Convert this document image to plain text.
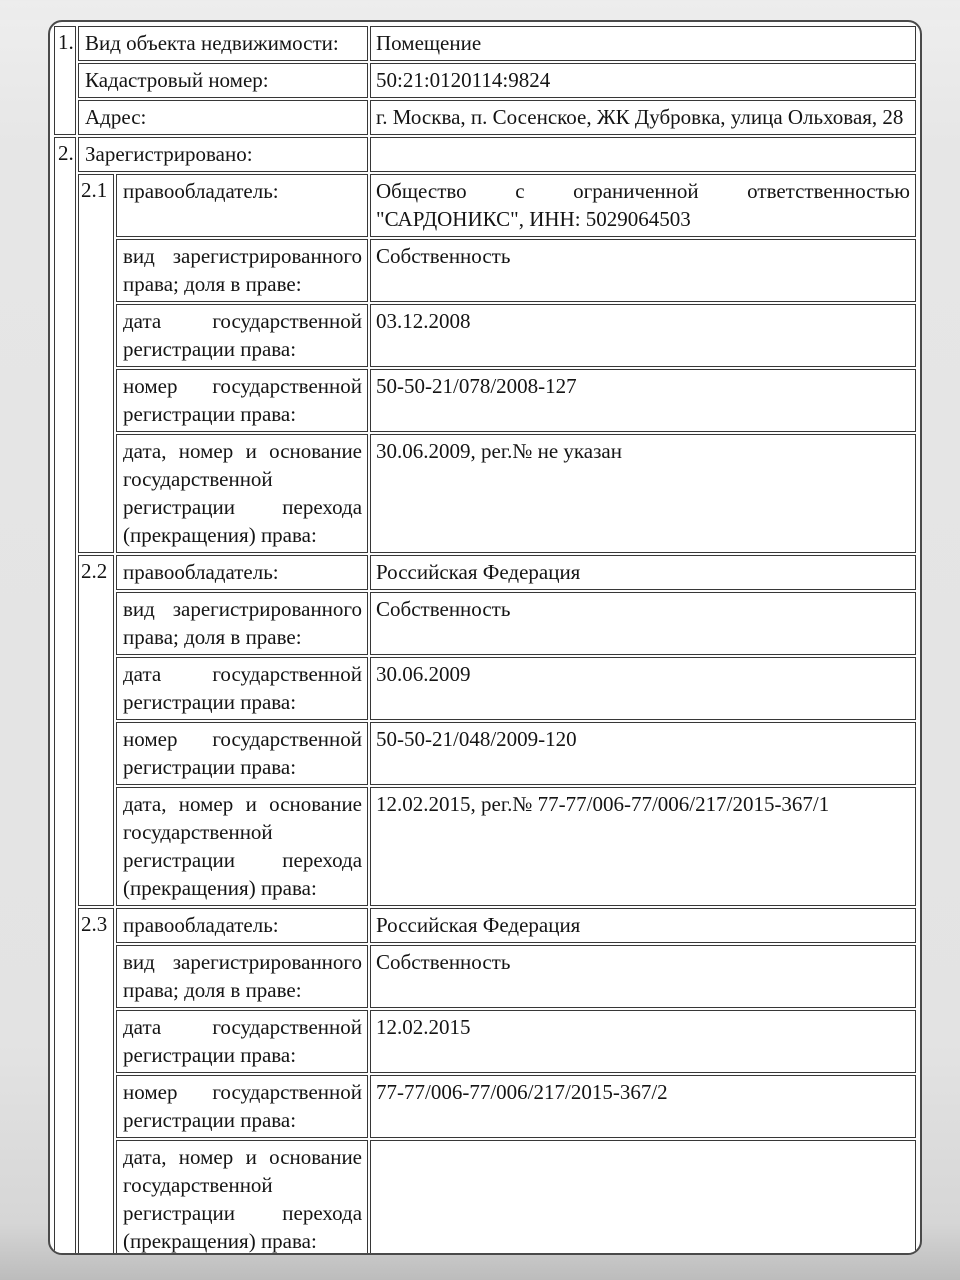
1.	Вид объекта недвижимости:		Помещение
	Кадастровый номер:		50:21:0120114:9824
	Адрес:		г. Москва, п. Сосенское, ЖК Дубровка, улица Ольховая, 28
2.	Зарегистрировано:		
	2.1	правообладатель:	Общество с ограниченной ответственностью "САРДОНИКС", ИНН: 5029064503
		вид зарегистрированного права; доля в праве:	Собственность
		дата государственной регистрации права:	03.12.2008
		номер государственной регистрации права:	50-50-21/078/2008-127
		дата, номер и основание государственной регистрации перехода (прекращения) права:	30.06.2009, рег.№ не указан
	2.2	правообладатель:	Российская Федерация
		вид зарегистрированного права; доля в праве:	Собственность
		дата государственной регистрации права:	30.06.2009
		номер государственной регистрации права:	50-50-21/048/2009-120
		дата, номер и основание государственной регистрации перехода (прекращения) права:	12.02.2015, рег.№ 77-77/006-77/006/217/2015-367/1
	2.3	правообладатель:	Российская Федерация
		вид зарегистрированного права; доля в праве:	Собственность
		дата государственной регистрации права:	12.02.2015
		номер государственной регистрации права:	77-77/006-77/006/217/2015-367/2
		дата, номер и основание государственной регистрации перехода (прекращения) права:	
